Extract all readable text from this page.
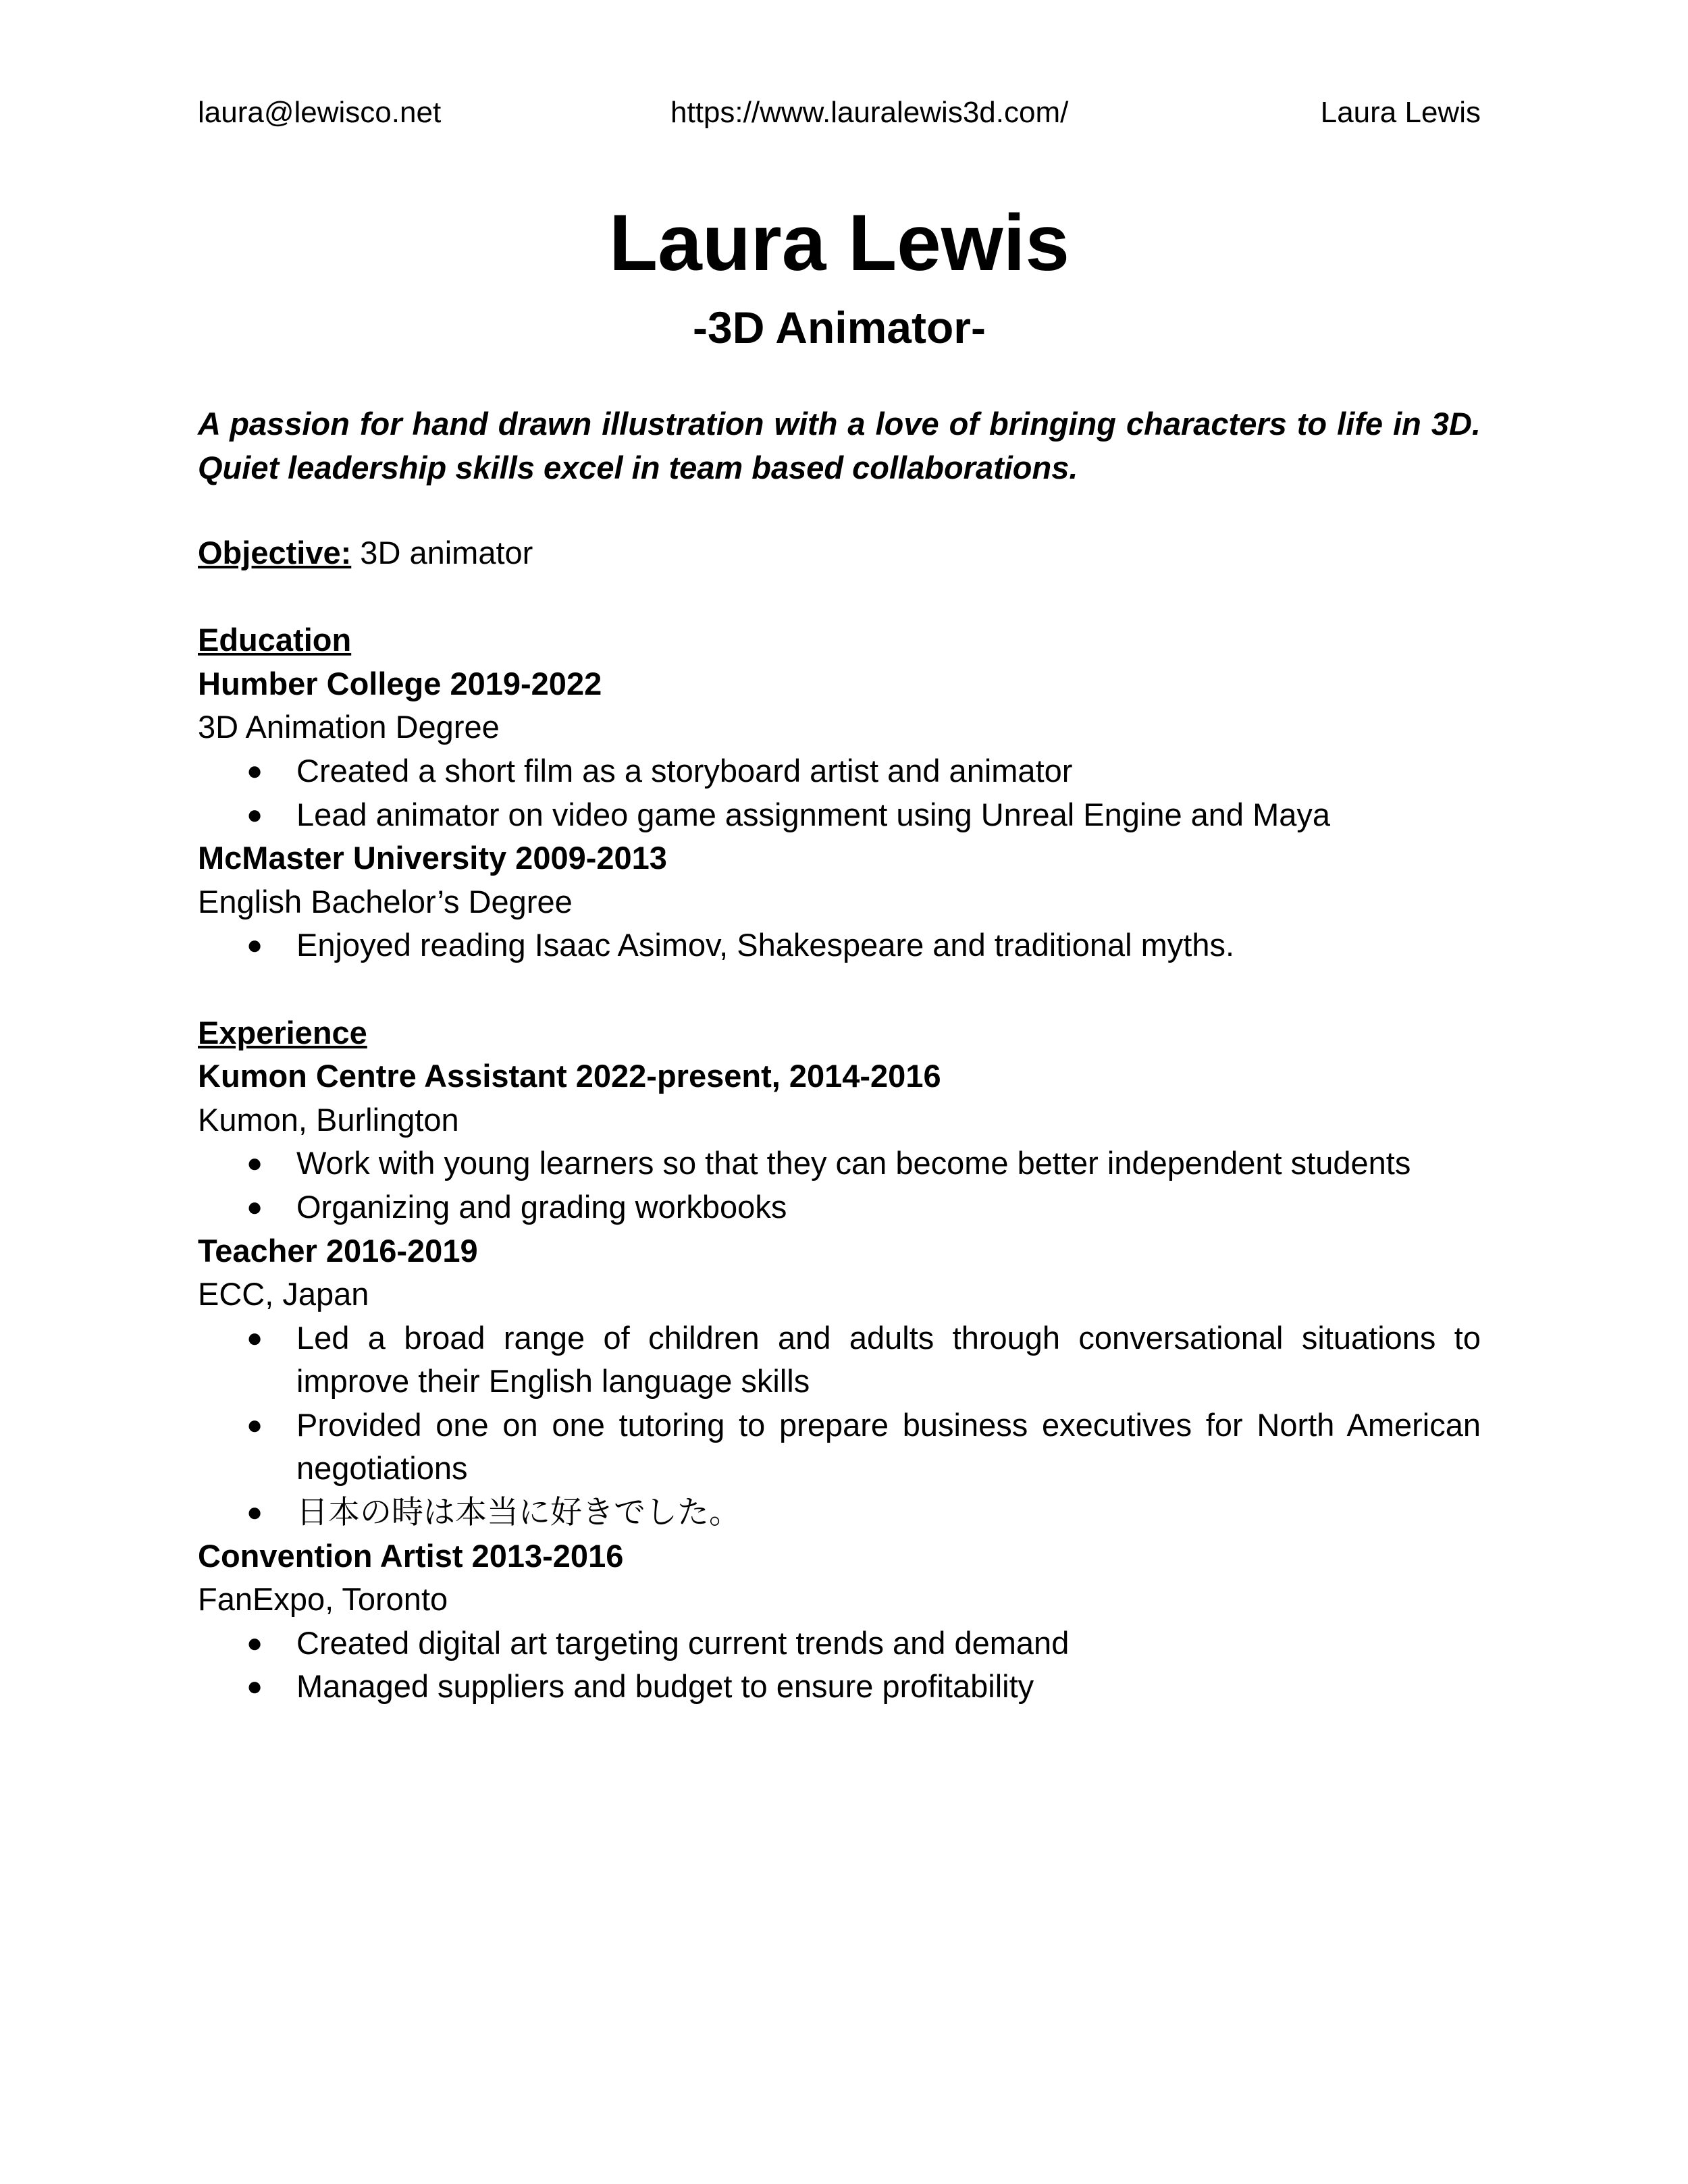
laura@lewisco.net	https://www.lauralewis3d.com/	Laura Lewis
Laura Lewis
-3D Animator-
A passion for hand drawn illustration with a love of bringing characters to life in 3D. Quiet leadership skills excel in team based collaborations.

Objective: 3D animator

Education

Humber College 2019-2022

3D Animation Degree

● Created a short film as a storyboard artist and animator
● Lead animator on video game assignment using Unreal Engine and Maya

McMaster University 2009-2013

English Bachelor’s Degree

● Enjoyed reading Isaac Asimov, Shakespeare and traditional myths.

Experience

Kumon Centre Assistant 2022-present, 2014-2016

Kumon, Burlington

● Work with young learners so that they can become better independent students
● Organizing and grading workbooks

Teacher 2016-2019

ECC, Japan

● Led a broad range of children and adults through conversational situations to improve their English language skills
● Provided one on one tutoring to prepare business executives for North American negotiations
● 日本の時は本当に好きでした。

Convention Artist 2013-2016

FanExpo, Toronto

● Created digital art targeting current trends and demand
● Managed suppliers and budget to ensure profitability
